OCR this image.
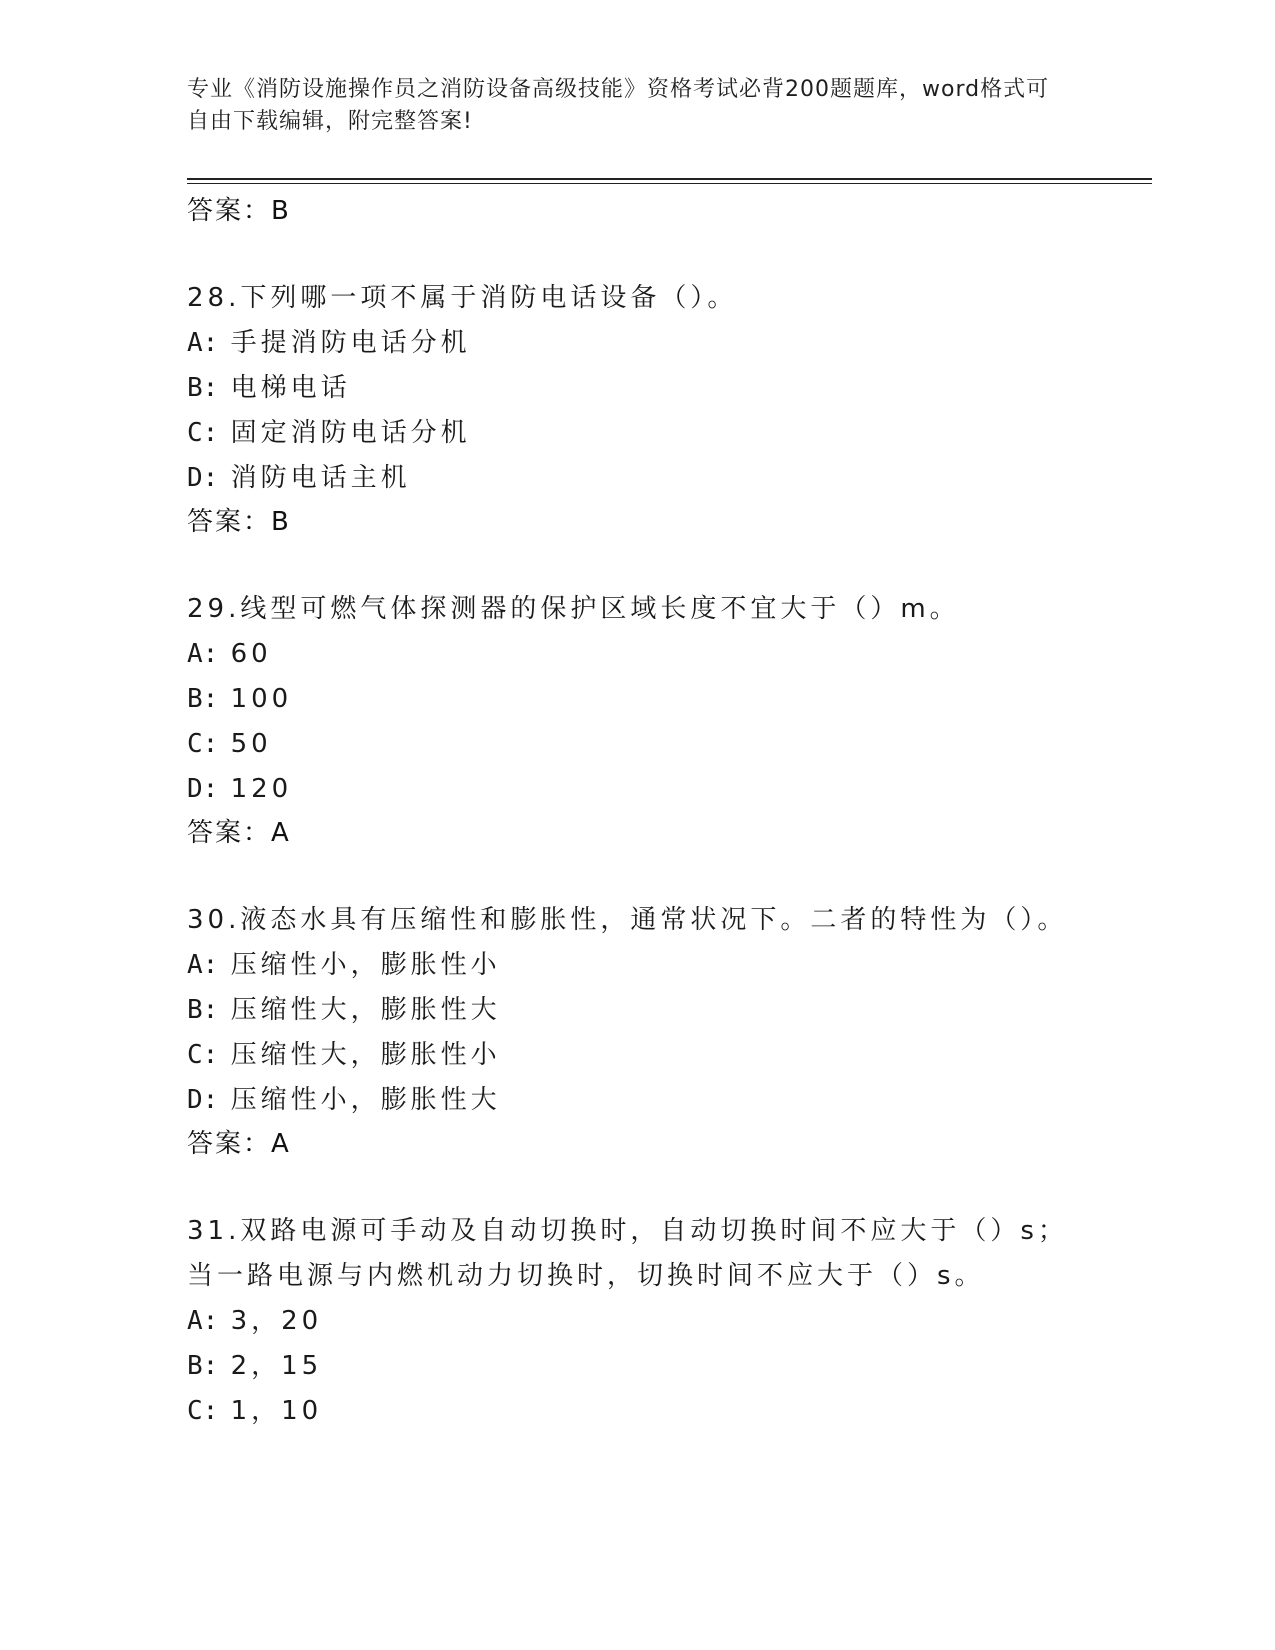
专业《消防设施操作员之消防设备高级技能》资格考试必背200题题库，word格式可自由下载编辑，附完整答案!

答案：B

28.下列哪一项不属于消防电话设备（）。

A: 手提消防电话分机

B: 电梯电话

C: 固定消防电话分机

D: 消防电话主机

答案：B

29.线型可燃气体探测器的保护区域长度不宜大于（）m。

A: 60

B: 100

C: 50

D: 120

答案：A

30.液态水具有压缩性和膨胀性，通常状况下。二者的特性为（）。

A: 压缩性小，膨胀性小

B: 压缩性大，膨胀性大

C: 压缩性大，膨胀性小

D: 压缩性小，膨胀性大

答案：A

31.双路电源可手动及自动切换时，自动切换时间不应大于（）s；当一路电源与内燃机动力切换时，切换时间不应大于（）s。

A: 3，20

B: 2，15

C: 1，10
